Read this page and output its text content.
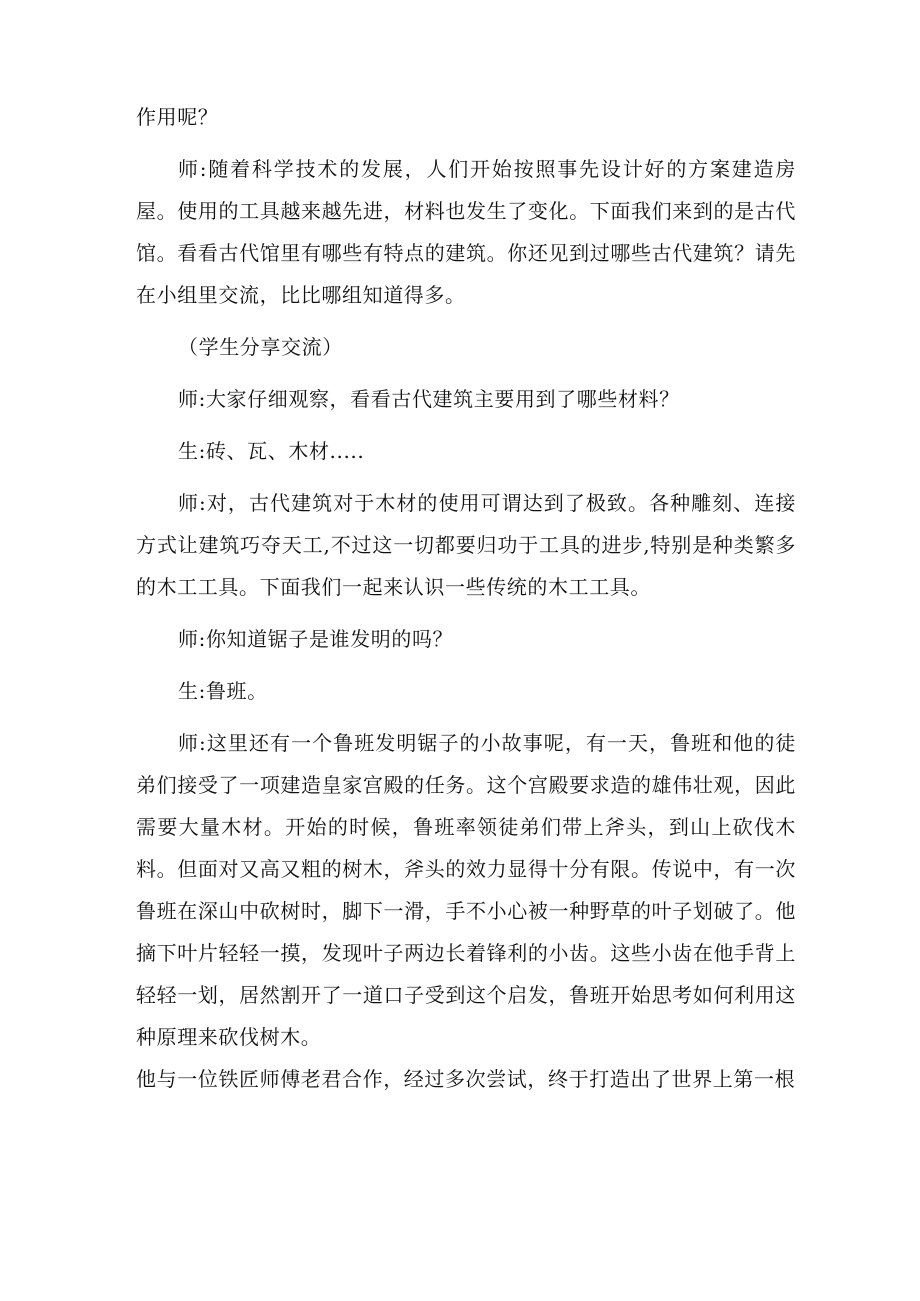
作用呢？

师:随着科学技术的发展，人们开始按照事先设计好的方案建造房屋。使用的工具越来越先进，材料也发生了变化。下面我们来到的是古代馆。看看古代馆里有哪些有特点的建筑。你还见到过哪些古代建筑？请先在小组里交流，比比哪组知道得多。

（学生分享交流）

师:大家仔细观察，看看古代建筑主要用到了哪些材料？

生:砖、瓦、木材.....

师:对，古代建筑对于木材的使用可谓达到了极致。各种雕刻、连接方式让建筑巧夺天工,不过这一切都要归功于工具的进步,特别是种类繁多的木工工具。下面我们一起来认识一些传统的木工工具。

师:你知道锯子是谁发明的吗？

生:鲁班。

师:这里还有一个鲁班发明锯子的小故事呢，有一天，鲁班和他的徒弟们接受了一项建造皇家宫殿的任务。这个宫殿要求造的雄伟壮观，因此需要大量木材。开始的时候，鲁班率领徒弟们带上斧头，到山上砍伐木料。但面对又高又粗的树木，斧头的效力显得十分有限。传说中，有一次鲁班在深山中砍树时，脚下一滑，手不小心被一种野草的叶子划破了。他摘下叶片轻轻一摸，发现叶子两边长着锋利的小齿。这些小齿在他手背上轻轻一划，居然割开了一道口子受到这个启发，鲁班开始思考如何利用这种原理来砍伐树木。

他与一位铁匠师傅老君合作，经过多次尝试，终于打造出了世界上第一根
